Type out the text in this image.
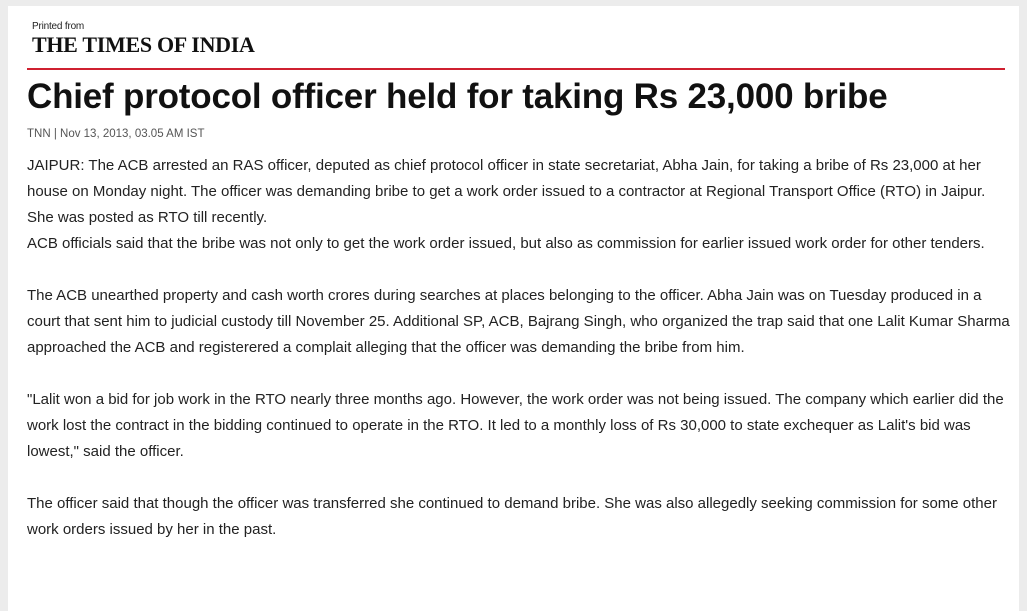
Printed from
THE TIMES OF INDIA
Chief protocol officer held for taking Rs 23,000 bribe
TNN | Nov 13, 2013, 03.05 AM IST

JAIPUR: The ACB arrested an RAS officer, deputed as chief protocol officer in state secretariat, Abha Jain, for taking a bribe of Rs 23,000 at her house on Monday night. The officer was demanding bribe to get a work order issued to a contractor at Regional Transport Office (RTO) in Jaipur. She was posted as RTO till recently.

ACB officials said that the bribe was not only to get the work order issued, but also as commission for earlier issued work order for other tenders.

The ACB unearthed property and cash worth crores during searches at places belonging to the officer. Abha Jain was on Tuesday produced in a court that sent him to judicial custody till November 25. Additional SP, ACB, Bajrang Singh, who organized the trap said that one Lalit Kumar Sharma approached the ACB and registerered a complait alleging that the officer was demanding the bribe from him.

"Lalit won a bid for job work in the RTO nearly three months ago. However, the work order was not being issued. The company which earlier did the work lost the contract in the bidding continued to operate in the RTO. It led to a monthly loss of Rs 30,000 to state exchequer as Lalit's bid was lowest," said the officer.

The officer said that though the officer was transferred she continued to demand bribe. She was also allegedly seeking commission for some other work orders issued by her in the past.
